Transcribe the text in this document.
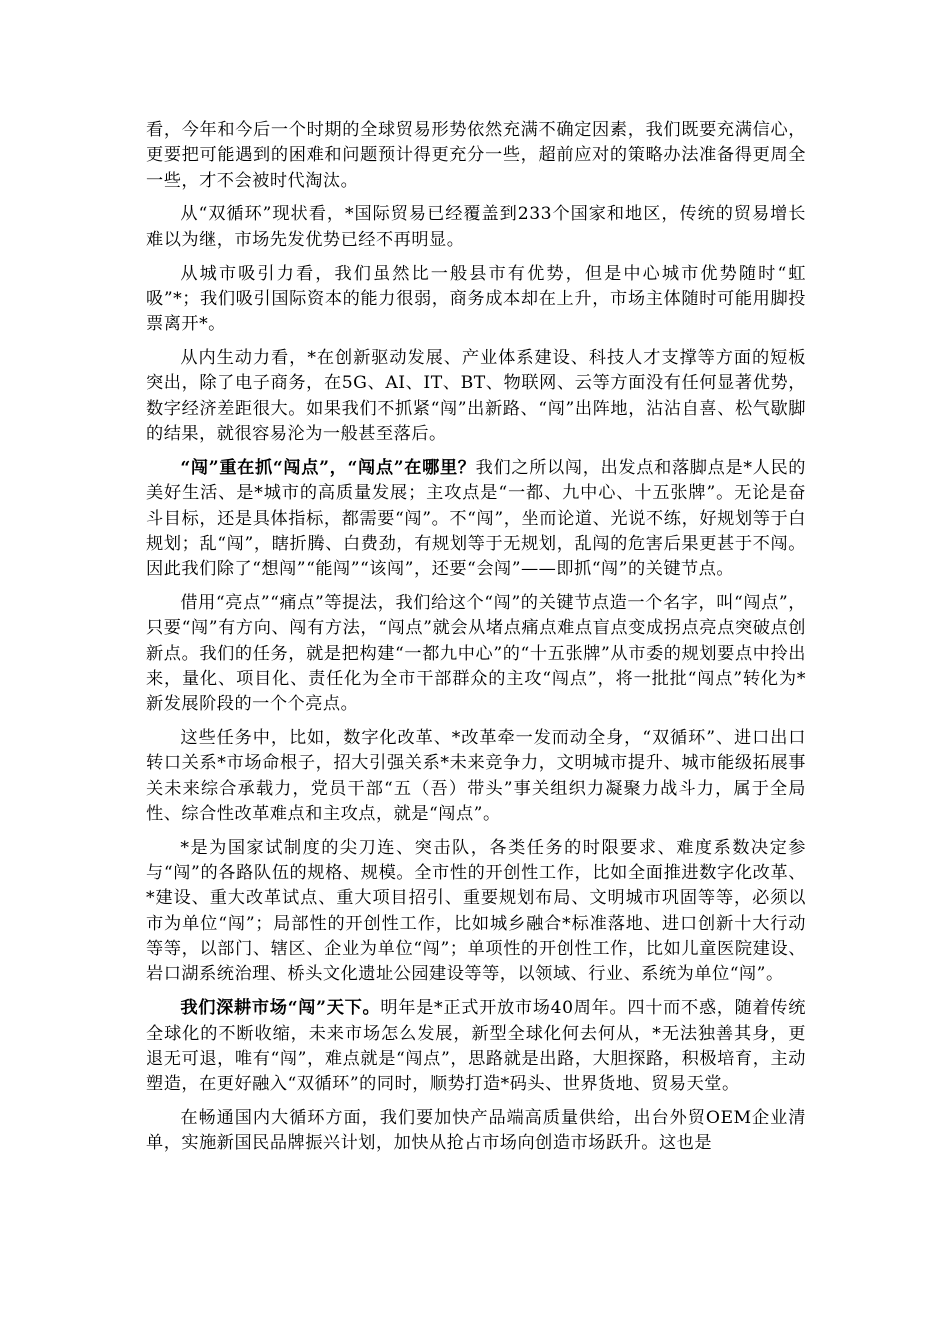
看，今年和今后一个时期的全球贸易形势依然充满不确定因素，我们既要充满信心，更要把可能遇到的困难和问题预计得更充分一些，超前应对的策略办法准备得更周全一些，才不会被时代淘汰。

从“双循环”现状看，*国际贸易已经覆盖到233个国家和地区，传统的贸易增长难以为继，市场先发优势已经不再明显。

从城市吸引力看，我们虽然比一般县市有优势，但是中心城市优势随时“虹吸”*；我们吸引国际资本的能力很弱，商务成本却在上升，市场主体随时可能用脚投票离开*。

从内生动力看，*在创新驱动发展、产业体系建设、科技人才支撑等方面的短板突出，除了电子商务，在5G、AI、IT、BT、物联网、云等方面没有任何显著优势，数字经济差距很大。如果我们不抓紧“闯”出新路、“闯”出阵地，沾沾自喜、松气歇脚的结果，就很容易沦为一般甚至落后。

“闯”重在抓“闯点”，“闯点”在哪里？我们之所以闯，出发点和落脚点是*人民的美好生活、是*城市的高质量发展；主攻点是“一都、九中心、十五张牌”。无论是奋斗目标，还是具体指标，都需要“闯”。不“闯”，坐而论道、光说不练，好规划等于白规划；乱“闯”，瞎折腾、白费劲，有规划等于无规划，乱闯的危害后果更甚于不闯。因此我们除了“想闯”“能闯”“该闯”，还要“会闯”——即抓“闯”的关键节点。

借用“亮点”“痛点”等提法，我们给这个“闯”的关键节点造一个名字，叫“闯点”，只要“闯”有方向、闯有方法，“闯点”就会从堵点痛点难点盲点变成拐点亮点突破点创新点。我们的任务，就是把构建“一都九中心”的“十五张牌”从市委的规划要点中拎出来，量化、项目化、责任化为全市干部群众的主攻“闯点”，将一批批“闯点”转化为*新发展阶段的一个个亮点。

这些任务中，比如，数字化改革、*改革牵一发而动全身，“双循环”、进口出口转口关系*市场命根子，招大引强关系*未来竞争力，文明城市提升、城市能级拓展事关未来综合承载力，党员干部“五（吾）带头”事关组织力凝聚力战斗力，属于全局性、综合性改革难点和主攻点，就是“闯点”。

*是为国家试制度的尖刀连、突击队，各类任务的时限要求、难度系数决定参与“闯”的各路队伍的规格、规模。全市性的开创性工作，比如全面推进数字化改革、*建设、重大改革试点、重大项目招引、重要规划布局、文明城市巩固等等，必须以市为单位“闯”；局部性的开创性工作，比如城乡融合*标准落地、进口创新十大行动等等，以部门、辖区、企业为单位“闯”；单项性的开创性工作，比如儿童医院建设、岩口湖系统治理、桥头文化遗址公园建设等等，以领域、行业、系统为单位“闯”。

我们深耕市场“闯”天下。明年是*正式开放市场40周年。四十而不惑，随着传统全球化的不断收缩，未来市场怎么发展，新型全球化何去何从，*无法独善其身，更退无可退，唯有“闯”，难点就是“闯点”，思路就是出路，大胆探路，积极培育，主动塑造，在更好融入“双循环”的同时，顺势打造*码头、世界货地、贸易天堂。

在畅通国内大循环方面，我们要加快产品端高质量供给，出台外贸OEM企业清单，实施新国民品牌振兴计划，加快从抢占市场向创造市场跃升。这也是
